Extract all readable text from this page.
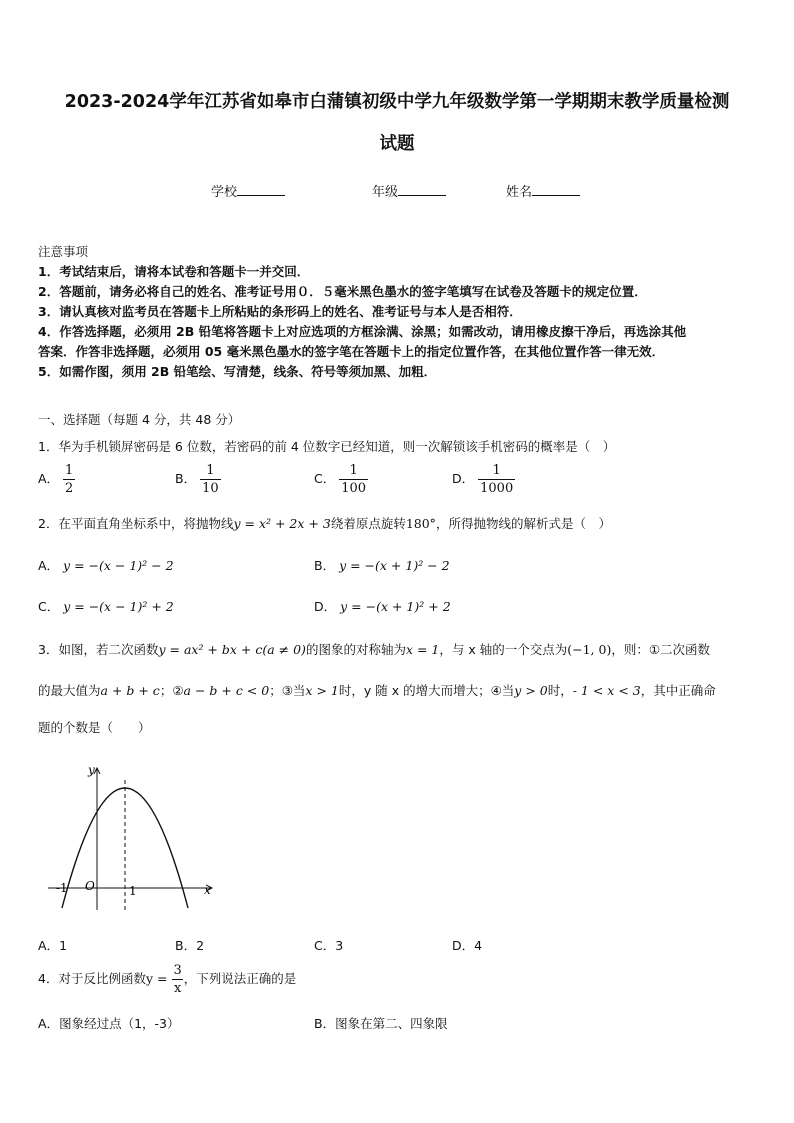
2023-2024学年江苏省如皋市白蒲镇初级中学九年级数学第一学期期末教学质量检测
试题
学校	年级	姓名
注意事项
1．考试结束后，请将本试卷和答题卡一并交回．
2．答题前，请务必将自己的姓名、准考证号用０．５毫米黑色墨水的签字笔填写在试卷及答题卡的规定位置．
3．请认真核对监考员在答题卡上所粘贴的条形码上的姓名、准考证号与本人是否相符．
4．作答选择题，必须用 2B 铅笔将答题卡上对应选项的方框涂满、涂黑；如需改动，请用橡皮擦干净后，再选涂其他
答案．作答非选择题，必须用 05 毫米黑色墨水的签字笔在答题卡上的指定位置作答，在其他位置作答一律无效．
5．如需作图，须用 2B 铅笔绘、写清楚，线条、符号等须加黑、加粗．
一、选择题（每题 4 分，共 48 分）
1．华为手机锁屏密码是 6 位数，若密码的前 4 位数字已经知道，则一次解锁该手机密码的概率是（　）
A． $\frac{1}{2}$	B． $\frac{1}{10}$	C． $\frac{1}{100}$	D． $\frac{1}{1000}$
2．在平面直角坐标系中，将抛物线y = x² + 2x + 3绕着原点旋转180°，所得抛物线的解析式是（　）
A． y = −(x − 1)² − 2	B． y = −(x + 1)² − 2
C． y = −(x − 1)² + 2	D． y = −(x + 1)² + 2
3．如图，若二次函数y = ax² + bx + c(a ≠ 0)的图象的对称轴为x = 1，与 x 轴的一个交点为(−1, 0)，则：①二次函数
的最大值为a + b + c；②a − b + c < 0；③当x > 1时，y 随 x 的增大而增大；④当y > 0时，- 1 < x < 3，其中正确命
题的个数是（　　）
y
x
O
-1	1
A．1	B．2	C．3	D．4
4．对于反比例函数$y = \frac{3}{x}$ ，下列说法正确的是
A．图象经过点（1，-3）	B．图象在第二、四象限
